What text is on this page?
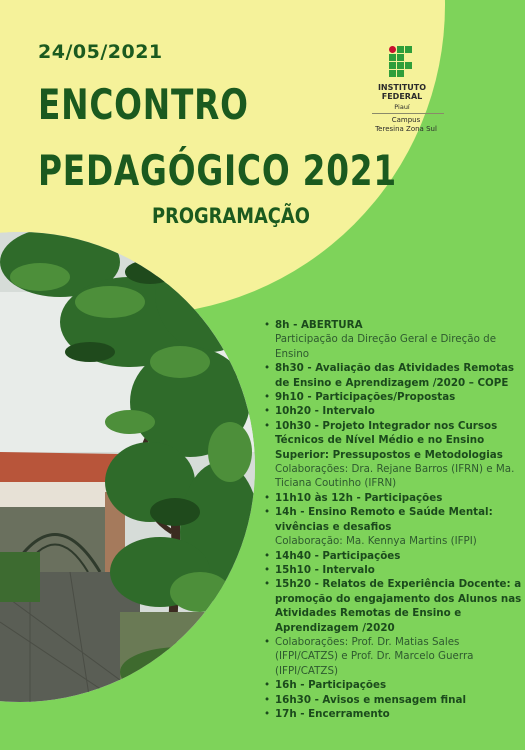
24/05/2021
ENCONTRO
PEDAGÓGICO 2021
PROGRAMAÇÃO
INSTITUTO
FEDERAL
Piauí
Campus
Teresina Zona Sul
• 8h - ABERTURA
Participação da Direção Geral e Direção de Ensino
• 8h30 - Avaliação das Atividades Remotas de Ensino e Aprendizagem /2020 – COPE
• 9h10 - Participações/Propostas
• 10h20 - Intervalo
• 10h30 - Projeto Integrador nos Cursos Técnicos de Nível Médio e no Ensino Superior: Pressupostos e Metodologias
Colaborações: Dra. Rejane Barros (IFRN) e Ma. Ticiana Coutinho (IFRN)
• 11h10 às 12h - Participações
• 14h - Ensino Remoto e Saúde Mental: vivências e desafios
Colaboração: Ma. Kennya Martins (IFPI)
• 14h40 - Participações
• 15h10 - Intervalo
• 15h20 - Relatos de Experiência Docente: a promoção do engajamento dos Alunos nas Atividades Remotas de Ensino e Aprendizagem /2020
• Colaborações: Prof. Dr. Matias Sales (IFPI/CATZS) e Prof. Dr. Marcelo Guerra (IFPI/CATZS)
• 16h - Participações
• 16h30 - Avisos e mensagem final
• 17h - Encerramento
